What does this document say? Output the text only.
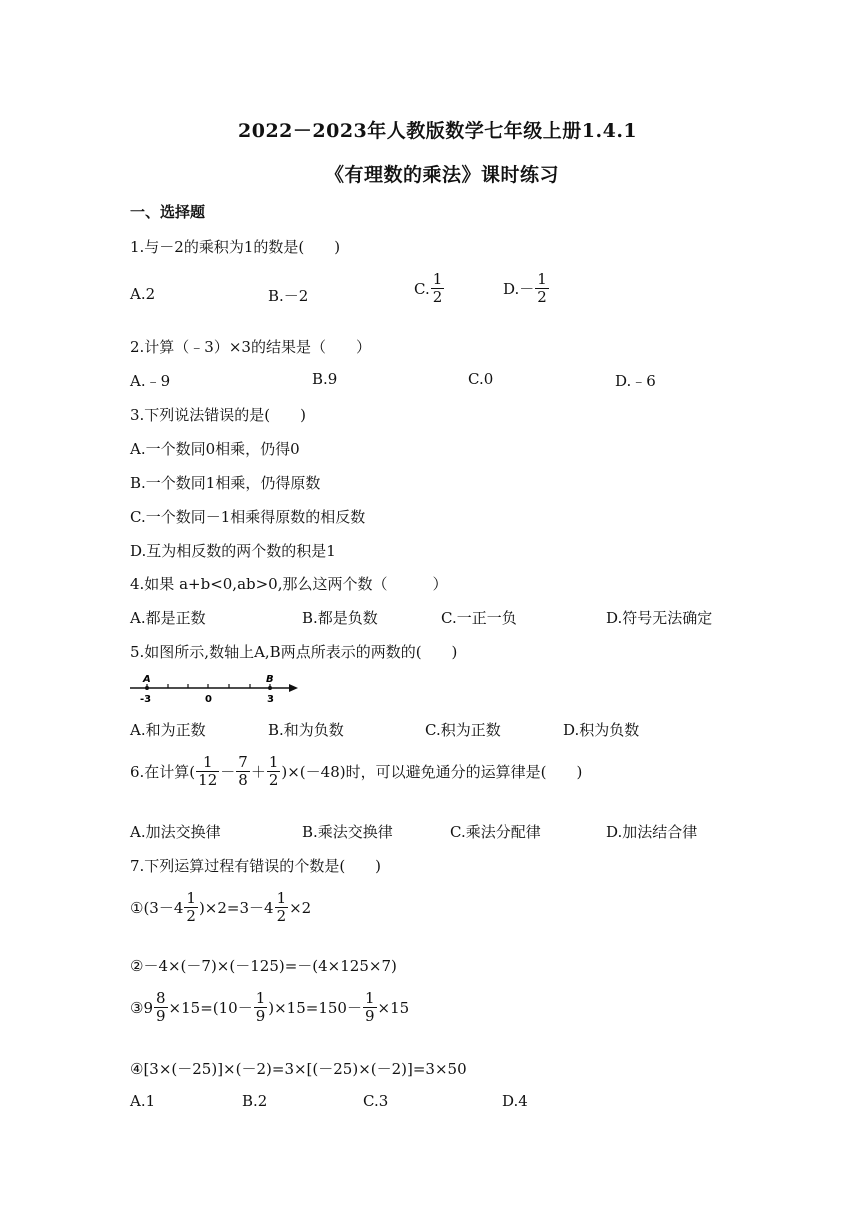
2022－2023年人教版数学七年级上册1.4.1
《有理数的乘法》课时练习
一、选择题
1.与－2的乘积为1的数是(　　)
A.2	B.－2	C. $\frac{1}{2}$	$D.- \frac{1}{2}$
2.计算（﹣3）×3的结果是（　　）
A.﹣9	B.9	C.0	D.﹣6
3.下列说法错误的是(　　)
A.一个数同0相乘，仍得0
B.一个数同1相乘，仍得原数
C.一个数同－1相乘得原数的相反数
D.互为相反数的两个数的积是1
4.如果 a+b<0,ab>0,那么这两个数（　　　）
A.都是正数	B.都是负数	C.一正一负	D.符号无法确定
5.如图所示,数轴上A,B两点所表示的两数的(　　)
A	B
-3	0	3
A.和为正数	B.和为负数	C.积为正数	D.积为负数
6.在计算( $\frac{1}{12} - \frac{7}{8} + \frac{1}{2} )\times(-48)$时，可以避免通分的运算律是(　　)
A.加法交换律	B.乘法交换律	C.乘法分配律	D.加法结合律
7.下列运算过程有错误的个数是(　　)
①(3－4 $\frac{1}{2} )\times 2=3-4 \frac{1}{2} \times 2$
②－4×(－7)×(－125)=－(4×125×7)
③9 $\frac{8}{9} \times 15=(10- \frac{1}{9} )\times 15=150- \frac{1}{9} \times 15$
④[3×(－25)]×(－2)=3×[(－25)×(－2)]=3×50
A.1	B.2	C.3	D.4
